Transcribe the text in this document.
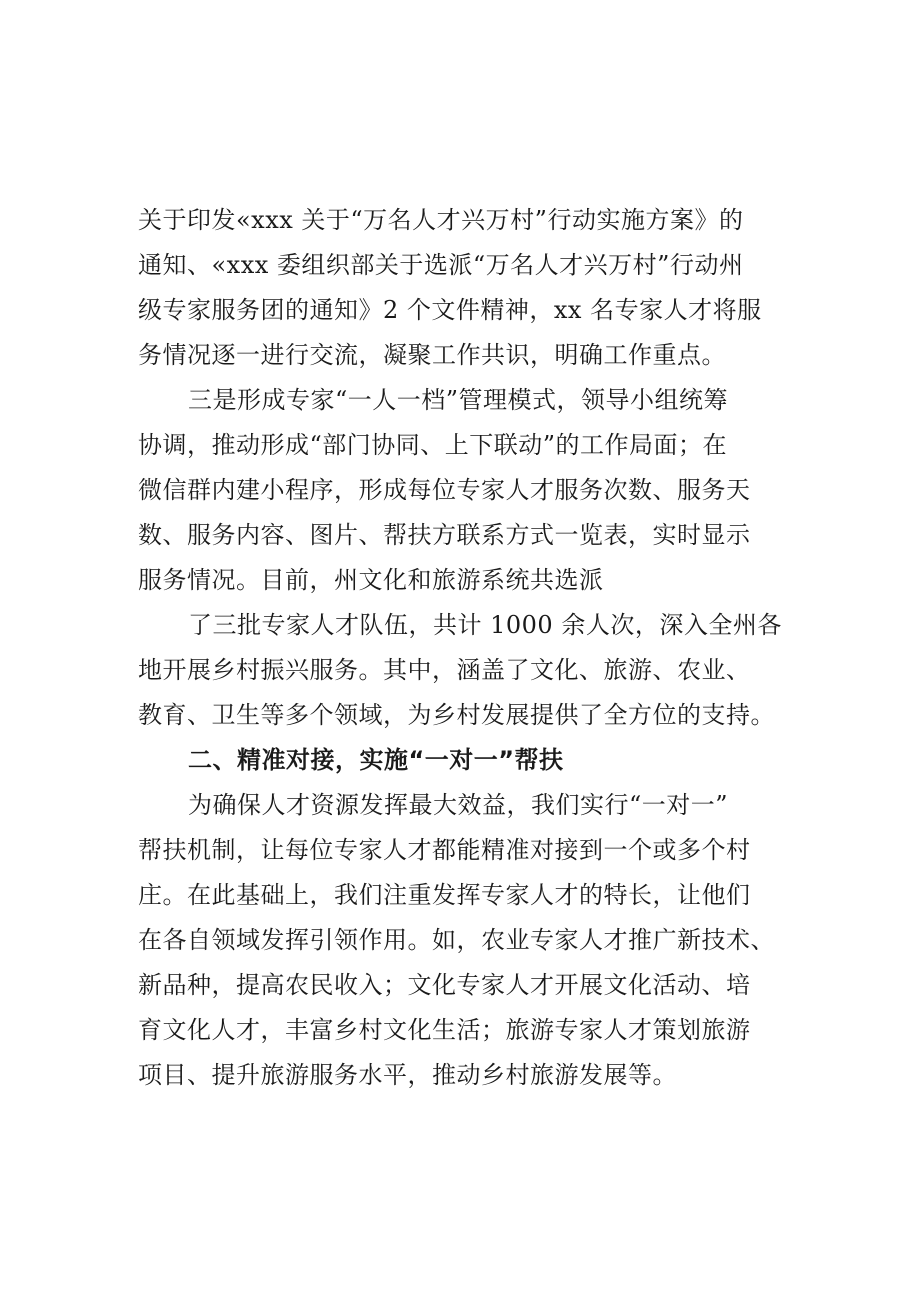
关于印发«xxx 关于“万名人才兴万村”行动实施方案》的
通知、«xxx 委组织部关于选派“万名人才兴万村”行动州
级专家服务团的通知》2 个文件精神，xx 名专家人才将服
务情况逐一进行交流，凝聚工作共识，明确工作重点。
三是形成专家“一人一档”管理模式，领导小组统筹
协调，推动形成“部门协同、上下联动”的工作局面；在
微信群内建小程序，形成每位专家人才服务次数、服务天
数、服务内容、图片、帮扶方联系方式一览表，实时显示
服务情况。目前，州文化和旅游系统共选派
了三批专家人才队伍，共计 1000 余人次，深入全州各
地开展乡村振兴服务。其中，涵盖了文化、旅游、农业、
教育、卫生等多个领域，为乡村发展提供了全方位的支持。
二、精准对接，实施“一对一”帮扶
为确保人才资源发挥最大效益，我们实行“一对一”
帮扶机制，让每位专家人才都能精准对接到一个或多个村
庄。在此基础上，我们注重发挥专家人才的特长，让他们
在各自领域发挥引领作用。如，农业专家人才推广新技术、
新品种，提高农民收入；文化专家人才开展文化活动、培
育文化人才，丰富乡村文化生活；旅游专家人才策划旅游
项目、提升旅游服务水平，推动乡村旅游发展等。
